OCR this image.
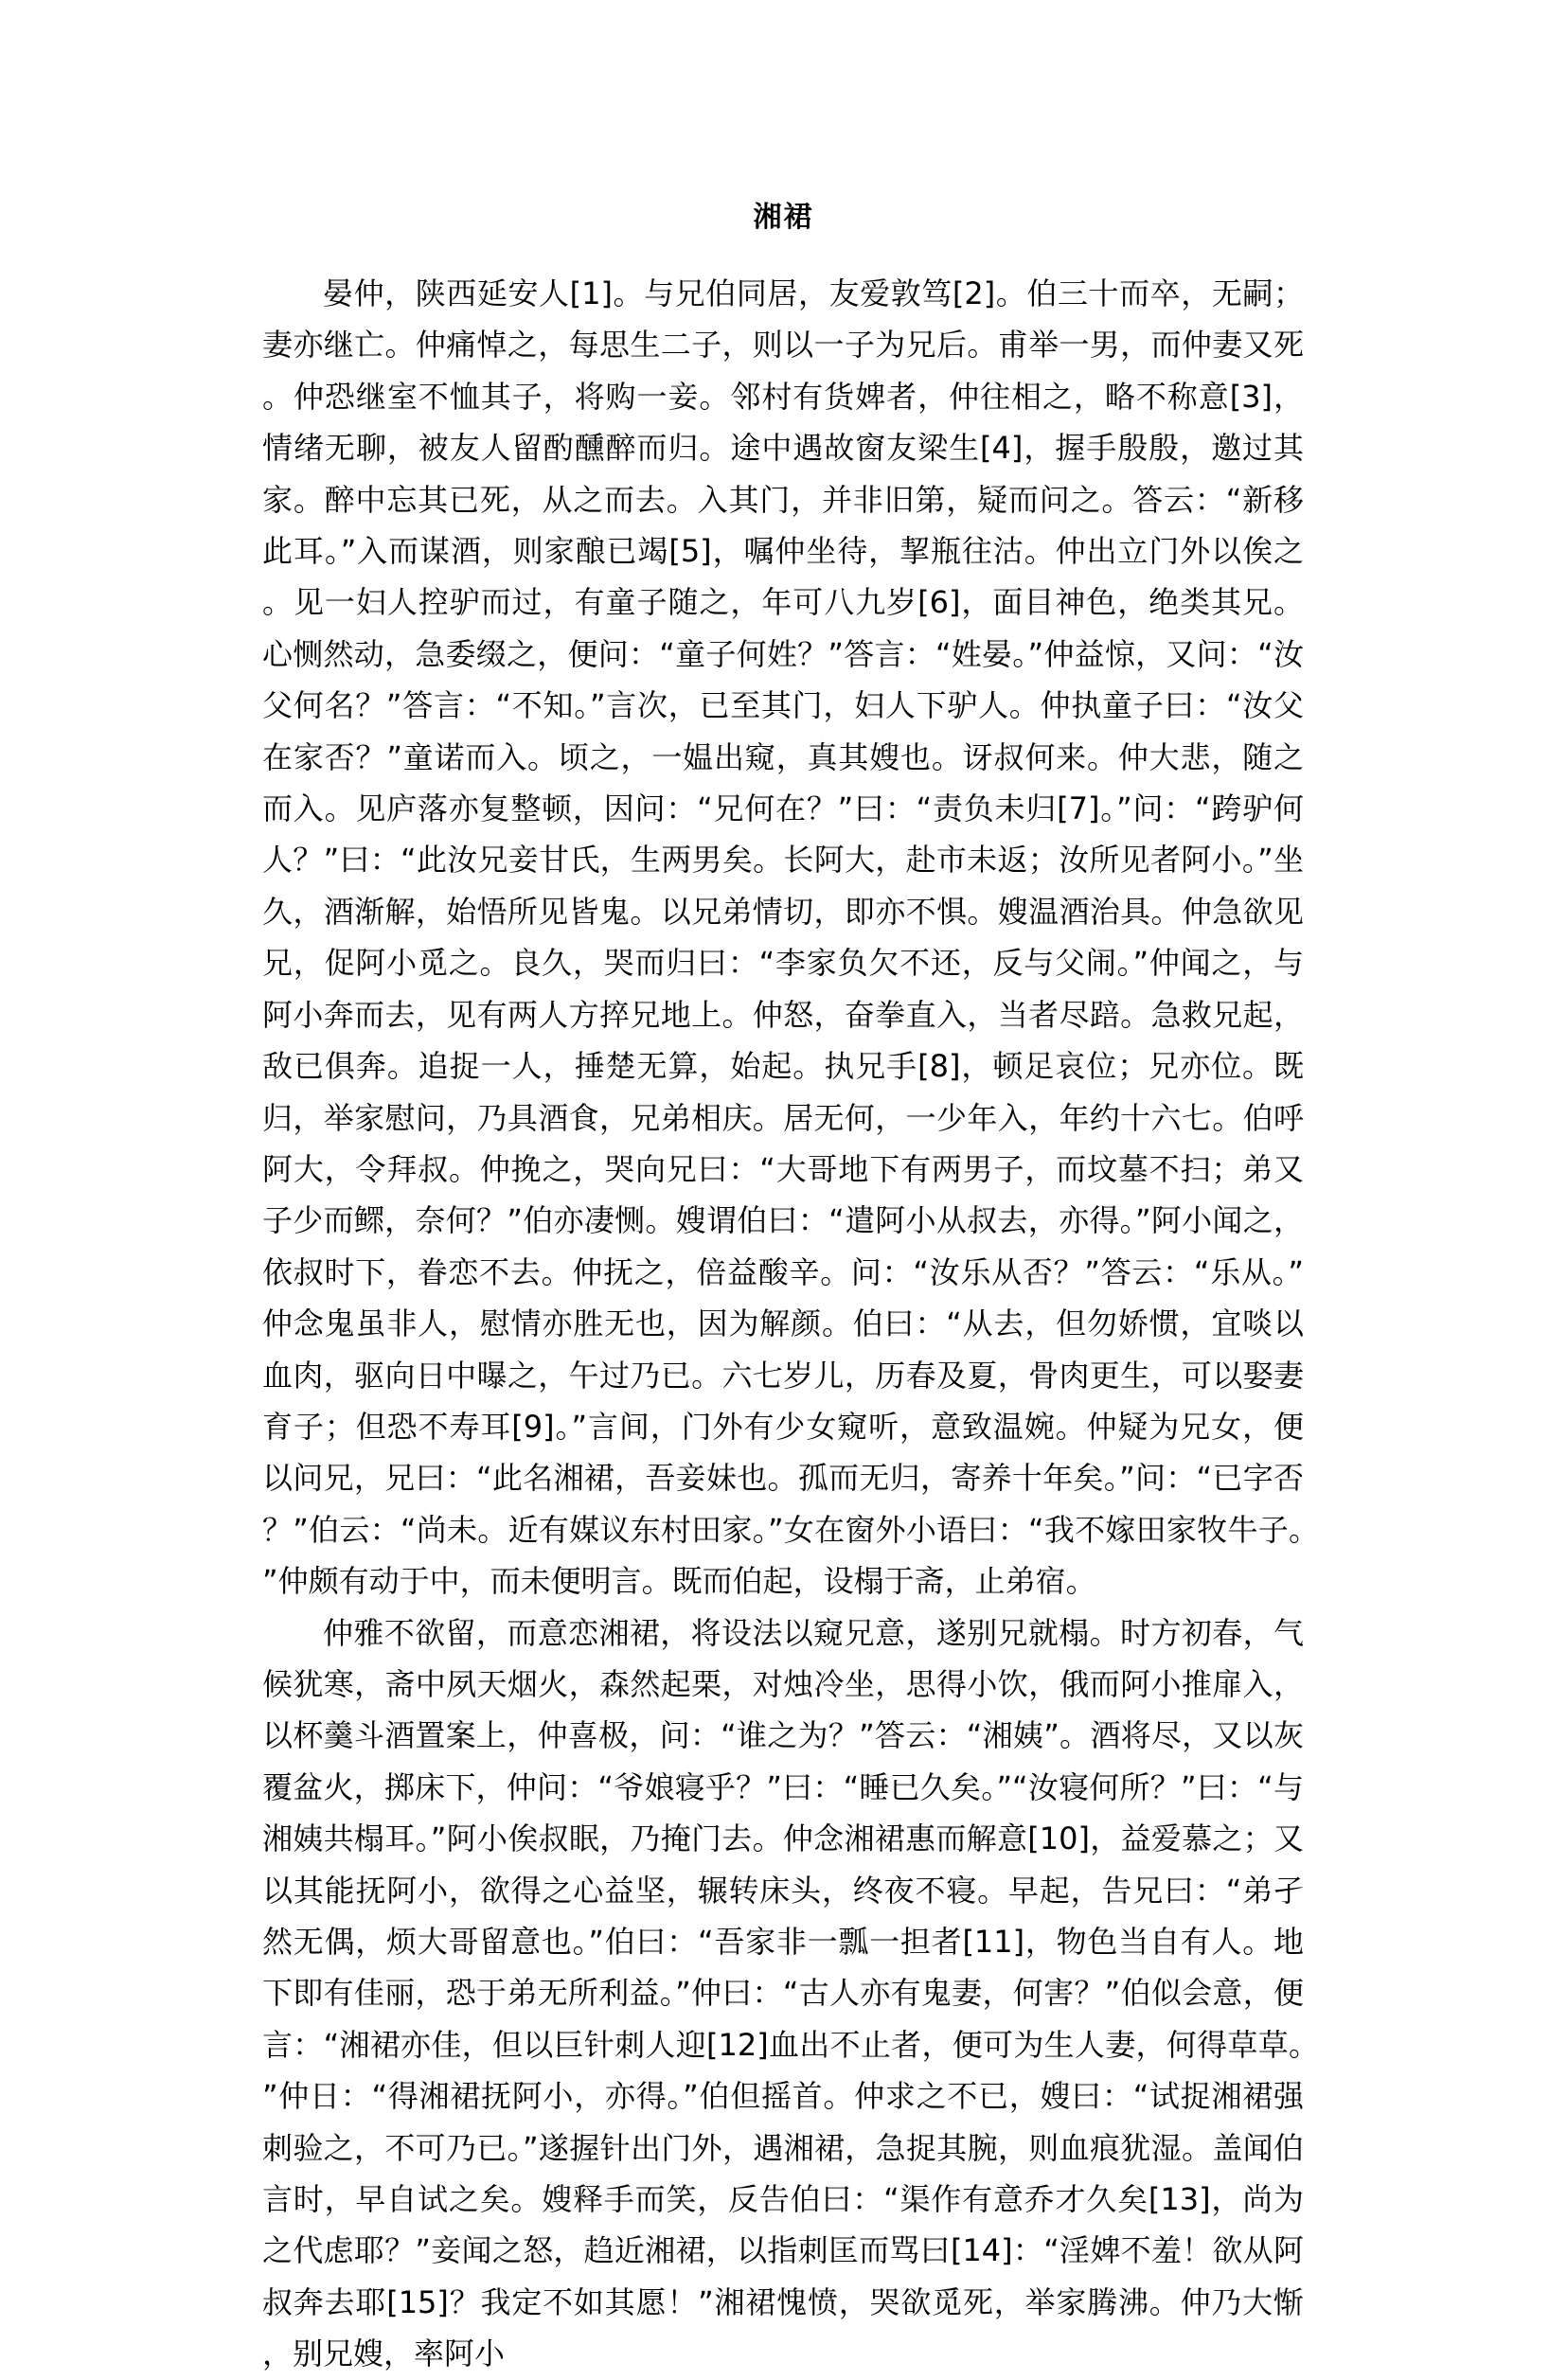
湘裙

晏仲，陕西延安人[1]。与兄伯同居，友爱敦笃[2]。伯三十而卒，无嗣；妻亦继亡。仲痛悼之，每思生二子，则以一子为兄后。甫举一男，而仲妻又死。仲恐继室不恤其子，将购一妾。邻村有货婢者，仲往相之，略不称意[3]，情绪无聊，被友人留酌醺醉而归。途中遇故窗友梁生[4]，握手殷殷，邀过其家。醉中忘其已死，从之而去。入其门，并非旧第，疑而问之。答云：“新移此耳。”入而谋酒，则家酿已竭[5]，嘱仲坐待，挈瓶往沽。仲出立门外以俟之。见一妇人控驴而过，有童子随之，年可八九岁[6]，面目神色，绝类其兄。心恻然动，急委缀之，便问：“童子何姓？”答言：“姓晏。”仲益惊，又问：“汝父何名？”答言：“不知。”言次，已至其门，妇人下驴人。仲执童子曰：“汝父在家否？”童诺而入。顷之，一媪出窥，真其嫂也。讶叔何来。仲大悲，随之而入。见庐落亦复整顿，因问：“兄何在？”曰：“责负未归[7]。”问：“跨驴何人？”曰：“此汝兄妾甘氏，生两男矣。长阿大，赴市未返；汝所见者阿小。”坐久，酒渐解，始悟所见皆鬼。以兄弟情切，即亦不惧。嫂温酒治具。仲急欲见兄，促阿小觅之。良久，哭而归曰：“李家负欠不还，反与父闹。”仲闻之，与阿小奔而去，见有两人方捽兄地上。仲怒，奋拳直入，当者尽踣。急救兄起，敌已俱奔。追捉一人，捶楚无算，始起。执兄手[8]，顿足哀位；兄亦位。既归，举家慰问，乃具酒食，兄弟相庆。居无何，一少年入，年约十六七。伯呼阿大，令拜叔。仲挽之，哭向兄曰：“大哥地下有两男子，而坟墓不扫；弟又子少而鳏，奈何？”伯亦凄恻。嫂谓伯曰：“遣阿小从叔去，亦得。”阿小闻之，依叔时下，眷恋不去。仲抚之，倍益酸辛。问：“汝乐从否？”答云：“乐从。”仲念鬼虽非人，慰情亦胜无也，因为解颜。伯曰：“从去，但勿娇惯，宜啖以血肉，驱向日中曝之，午过乃已。六七岁儿，历春及夏，骨肉更生，可以娶妻育子；但恐不寿耳[9]。”言间，门外有少女窥听，意致温婉。仲疑为兄女，便以问兄，兄曰：“此名湘裙，吾妾妹也。孤而无归，寄养十年矣。”问：“已字否？”伯云：“尚未。近有媒议东村田家。”女在窗外小语曰：“我不嫁田家牧牛子。”仲颇有动于中，而未便明言。既而伯起，设榻于斋，止弟宿。

仲雅不欲留，而意恋湘裙，将设法以窥兄意，遂别兄就榻。时方初春，气候犹寒，斋中夙天烟火，森然起栗，对烛冷坐，思得小饮，俄而阿小推扉入，以杯羹斗酒置案上，仲喜极，问：“谁之为？”答云：“湘姨”。酒将尽，又以灰覆盆火，掷床下，仲问：“爷娘寝乎？”曰：“睡已久矣。”“汝寝何所？”曰：“与湘姨共榻耳。”阿小俟叔眠，乃掩门去。仲念湘裙惠而解意[10]，益爱慕之；又以其能抚阿小，欲得之心益坚，辗转床头，终夜不寝。早起，告兄曰：“弟孑然无偶，烦大哥留意也。”伯曰：“吾家非一瓢一担者[11]，物色当自有人。地下即有佳丽，恐于弟无所利益。”仲曰：“古人亦有鬼妻，何害？”伯似会意，便言：“湘裙亦佳，但以巨针刺人迎[12]血出不止者，便可为生人妻，何得草草。”仲日：“得湘裙抚阿小，亦得。”伯但摇首。仲求之不已，嫂曰：“试捉湘裙强刺验之，不可乃已。”遂握针出门外，遇湘裙，急捉其腕，则血痕犹湿。盖闻伯言时，早自试之矣。嫂释手而笑，反告伯曰：“渠作有意乔才久矣[13]，尚为之代虑耶？”妾闻之怒，趋近湘裙，以指刺匡而骂曰[14]：“淫婢不羞！欲从阿叔奔去耶[15]？我定不如其愿！”湘裙愧愤，哭欲觅死，举家腾沸。仲乃大惭，别兄嫂，率阿小
